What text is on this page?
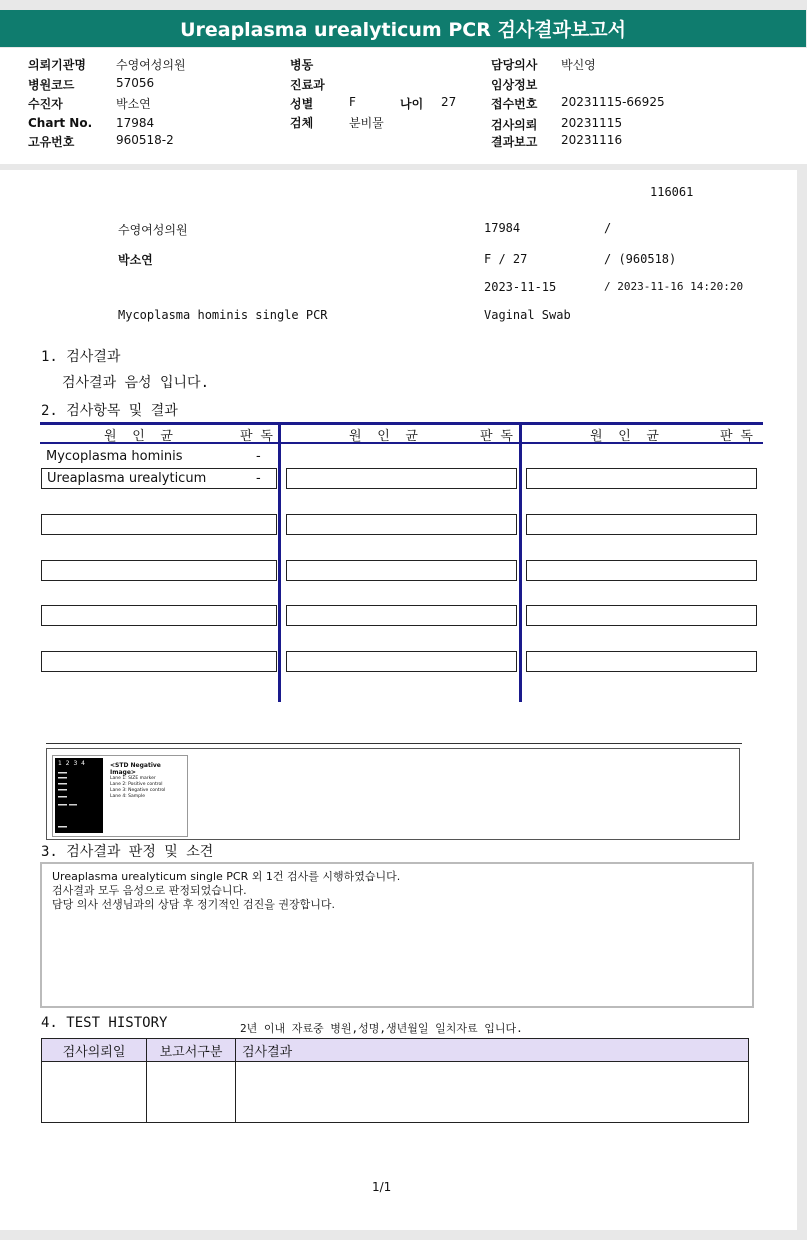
Ureaplasma urealyticum PCR 검사결과보고서
의뢰기관명	수영여성의원
병원코드	57056
수진자	박소연
Chart No. 17984
고유번호	960518-2
병동
진료과
성별	F	나이 27
검체	분비물
담당의사 박신영
임상정보
접수번호 20231115-66925
검사의뢰 20231115
결과보고 20231116
116061
수영여성의원	17984	/
박소연	F / 27	/ (960518)
2023-11-15	/ 2023-11-16 14:20:20
Mycoplasma hominis single PCR	Vaginal Swab
1. 검사결과
검사결과 음성 입니다.
2. 검사항목 및 결과
원  인  균	판 독	원  인  균	판 독	원  인  균	판 독
Mycoplasma hominis	-
Ureaplasma urealyticum	-
1 2 3 4	<STD Negative Image>
Lane 1: SIZE marker
Lane 2: Positive control
Lane 3: Negative control
Lane 4: Sample
3. 검사결과 판정 및 소견
Ureaplasma urealyticum single PCR 외 1건 검사를 시행하였습니다.
검사결과 모두 음성으로 판정되었습니다.
담당 의사 선생님과의 상담 후 정기적인 검진을 권장합니다.
4. TEST HISTORY	2년 이내 자료중 병원,성명,생년월일 일치자료 입니다.
검사의뢰일	보고서구분	검사결과

1/1
